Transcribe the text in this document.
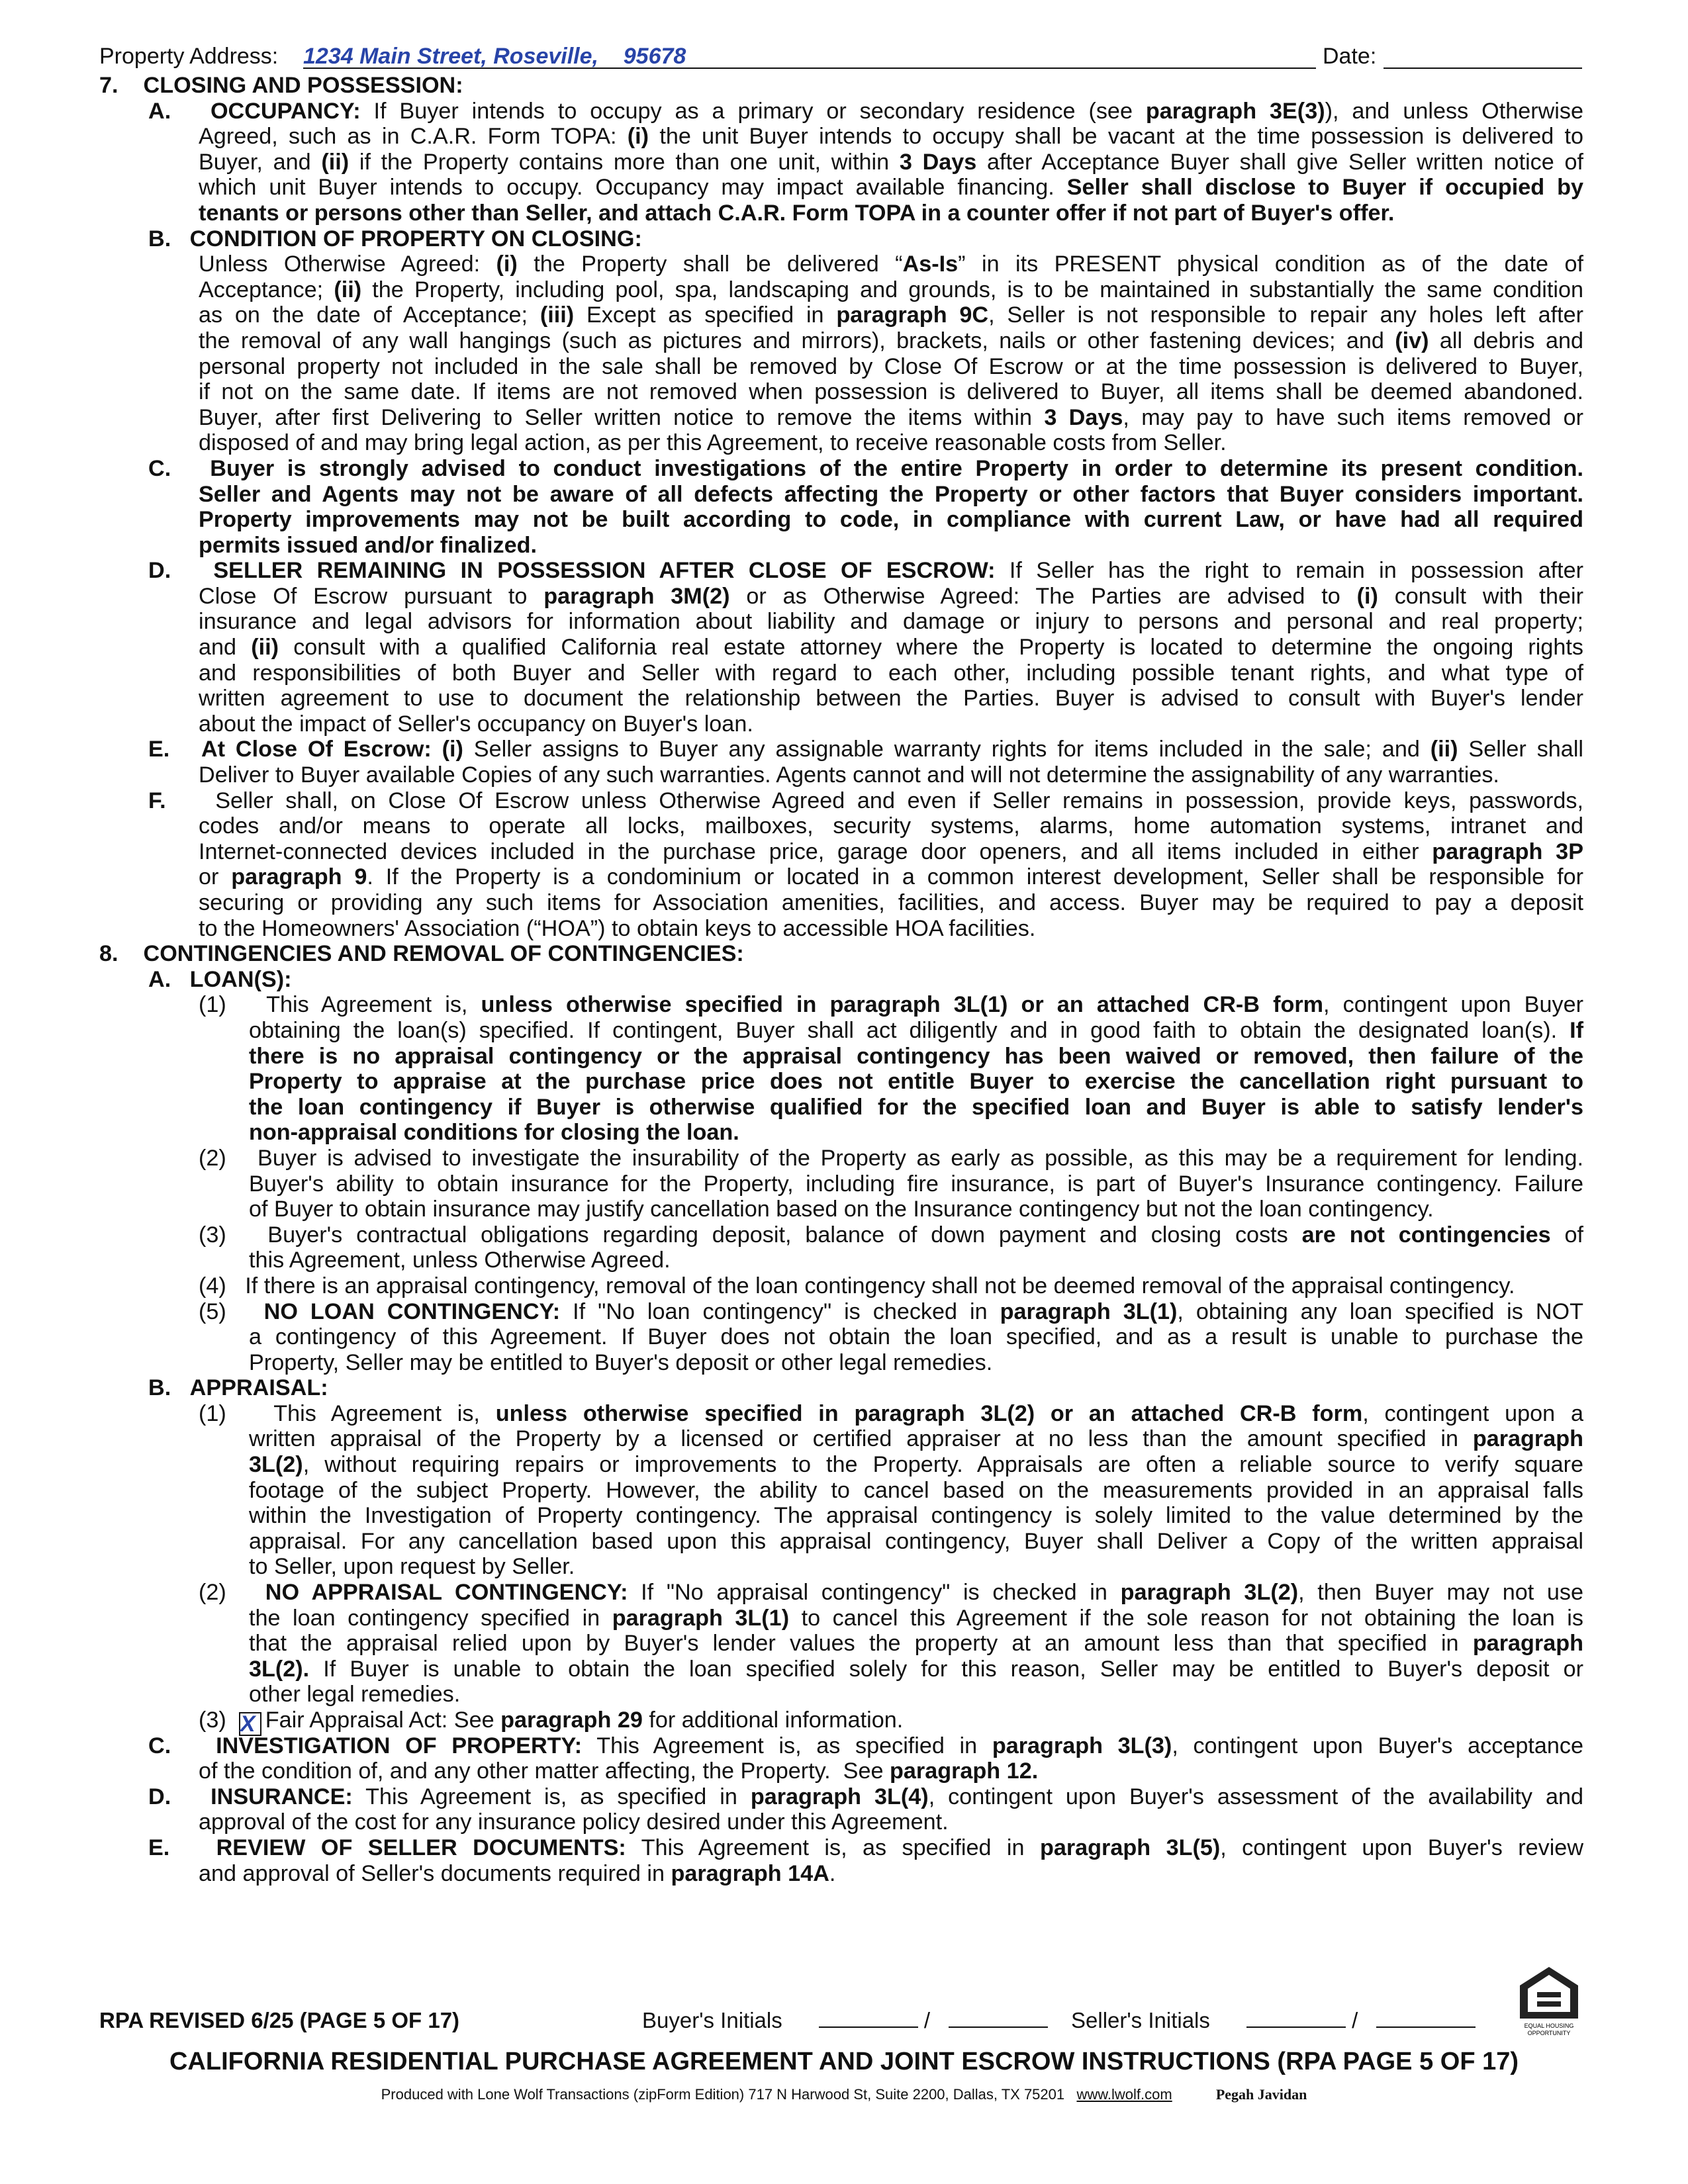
Property Address: 1234 Main Street, Roseville,    95678	Date:
7.    CLOSING AND POSSESSION:
A.   OCCUPANCY: If Buyer intends to occupy as a primary or secondary residence (see paragraph 3E(3)), and unless Otherwise
Agreed, such as in C.A.R. Form TOPA: (i) the unit Buyer intends to occupy shall be vacant at the time possession is delivered to
Buyer, and (ii) if the Property contains more than one unit, within 3 Days after Acceptance Buyer shall give Seller written notice of
which unit Buyer intends to occupy. Occupancy may impact available financing. Seller shall disclose to Buyer if occupied by
tenants or persons other than Seller, and attach C.A.R. Form TOPA in a counter offer if not part of Buyer's offer.
B.   CONDITION OF PROPERTY ON CLOSING:
Unless Otherwise Agreed: (i) the Property shall be delivered “As-Is” in its PRESENT physical condition as of the date of
Acceptance; (ii) the Property, including pool, spa, landscaping and grounds, is to be maintained in substantially the same condition
as on the date of Acceptance; (iii) Except as specified in paragraph 9C, Seller is not responsible to repair any holes left after
the removal of any wall hangings (such as pictures and mirrors), brackets, nails or other fastening devices; and (iv) all debris and
personal property not included in the sale shall be removed by Close Of Escrow or at the time possession is delivered to Buyer,
if not on the same date. If items are not removed when possession is delivered to Buyer, all items shall be deemed abandoned.
Buyer, after first Delivering to Seller written notice to remove the items within 3 Days, may pay to have such items removed or
disposed of and may bring legal action, as per this Agreement, to receive reasonable costs from Seller.
C.   Buyer is strongly advised to conduct investigations of the entire Property in order to determine its present condition.
Seller and Agents may not be aware of all defects affecting the Property or other factors that Buyer considers important.
Property improvements may not be built according to code, in compliance with current Law, or have had all required
permits issued and/or finalized.
D.   SELLER REMAINING IN POSSESSION AFTER CLOSE OF ESCROW: If Seller has the right to remain in possession after
Close Of Escrow pursuant to paragraph 3M(2) or as Otherwise Agreed: The Parties are advised to (i) consult with their
insurance and legal advisors for information about liability and damage or injury to persons and personal and real property;
and (ii) consult with a qualified California real estate attorney where the Property is located to determine the ongoing rights
and responsibilities of both Buyer and Seller with regard to each other, including possible tenant rights, and what type of
written agreement to use to document the relationship between the Parties. Buyer is advised to consult with Buyer's lender
about the impact of Seller's occupancy on Buyer's loan.
E.   At Close Of Escrow: (i) Seller assigns to Buyer any assignable warranty rights for items included in the sale; and (ii) Seller shall
Deliver to Buyer available Copies of any such warranties. Agents cannot and will not determine the assignability of any warranties.
F.    Seller shall, on Close Of Escrow unless Otherwise Agreed and even if Seller remains in possession, provide keys, passwords,
codes and/or means to operate all locks, mailboxes, security systems, alarms, home automation systems, intranet and
Internet-connected devices included in the purchase price, garage door openers, and all items included in either paragraph 3P
or paragraph 9. If the Property is a condominium or located in a common interest development, Seller shall be responsible for
securing or providing any such items for Association amenities, facilities, and access. Buyer may be required to pay a deposit
to the Homeowners' Association (“HOA”) to obtain keys to accessible HOA facilities.
8.    CONTINGENCIES AND REMOVAL OF CONTINGENCIES:
A.   LOAN(S):
(1)   This Agreement is, unless otherwise specified in paragraph 3L(1) or an attached CR-B form, contingent upon Buyer
obtaining the loan(s) specified. If contingent, Buyer shall act diligently and in good faith to obtain the designated loan(s). If
there is no appraisal contingency or the appraisal contingency has been waived or removed, then failure of the
Property to appraise at the purchase price does not entitle Buyer to exercise the cancellation right pursuant to
the loan contingency if Buyer is otherwise qualified for the specified loan and Buyer is able to satisfy lender's
non-appraisal conditions for closing the loan.
(2)   Buyer is advised to investigate the insurability of the Property as early as possible, as this may be a requirement for lending.
Buyer's ability to obtain insurance for the Property, including fire insurance, is part of Buyer's Insurance contingency. Failure
of Buyer to obtain insurance may justify cancellation based on the Insurance contingency but not the loan contingency.
(3)   Buyer's contractual obligations regarding deposit, balance of down payment and closing costs are not contingencies of
this Agreement, unless Otherwise Agreed.
(4)   If there is an appraisal contingency, removal of the loan contingency shall not be deemed removal of the appraisal contingency.
(5)   NO LOAN CONTINGENCY: If "No loan contingency" is checked in paragraph 3L(1), obtaining any loan specified is NOT
a contingency of this Agreement. If Buyer does not obtain the loan specified, and as a result is unable to purchase the
Property, Seller may be entitled to Buyer's deposit or other legal remedies.
B.   APPRAISAL:
(1)   This Agreement is, unless otherwise specified in paragraph 3L(2) or an attached CR-B form, contingent upon a
written appraisal of the Property by a licensed or certified appraiser at no less than the amount specified in paragraph
3L(2), without requiring repairs or improvements to the Property. Appraisals are often a reliable source to verify square
footage of the subject Property. However, the ability to cancel based on the measurements provided in an appraisal falls
within the Investigation of Property contingency. The appraisal contingency is solely limited to the value determined by the
appraisal. For any cancellation based upon this appraisal contingency, Buyer shall Deliver a Copy of the written appraisal
to Seller, upon request by Seller.
(2)   NO APPRAISAL CONTINGENCY: If "No appraisal contingency" is checked in paragraph 3L(2), then Buyer may not use
the loan contingency specified in paragraph 3L(1) to cancel this Agreement if the sole reason for not obtaining the loan is
that the appraisal relied upon by Buyer's lender values the property at an amount less than that specified in paragraph
3L(2). If Buyer is unable to obtain the loan specified solely for this reason, Seller may be entitled to Buyer's deposit or
other legal remedies.
(3)  X Fair Appraisal Act: See paragraph 29 for additional information.
C.   INVESTIGATION OF PROPERTY: This Agreement is, as specified in paragraph 3L(3), contingent upon Buyer's acceptance
of the condition of, and any other matter affecting, the Property.  See paragraph 12.
D.   INSURANCE: This Agreement is, as specified in paragraph 3L(4), contingent upon Buyer's assessment of the availability and
approval of the cost for any insurance policy desired under this Agreement.
E.   REVIEW OF SELLER DOCUMENTS: This Agreement is, as specified in paragraph 3L(5), contingent upon Buyer's review
and approval of Seller's documents required in paragraph 14A.
RPA REVISED 6/25 (PAGE 5 OF 17)	Buyer's Initials	/	Seller's Initials	/	EQUAL HOUSING
OPPORTUNITY
CALIFORNIA RESIDENTIAL PURCHASE AGREEMENT AND JOINT ESCROW INSTRUCTIONS (RPA PAGE 5 OF 17)
Produced with Lone Wolf Transactions (zipForm Edition) 717 N Harwood St, Suite 2200, Dallas, TX 75201 www.lwolf.com	Pegah Javidan
